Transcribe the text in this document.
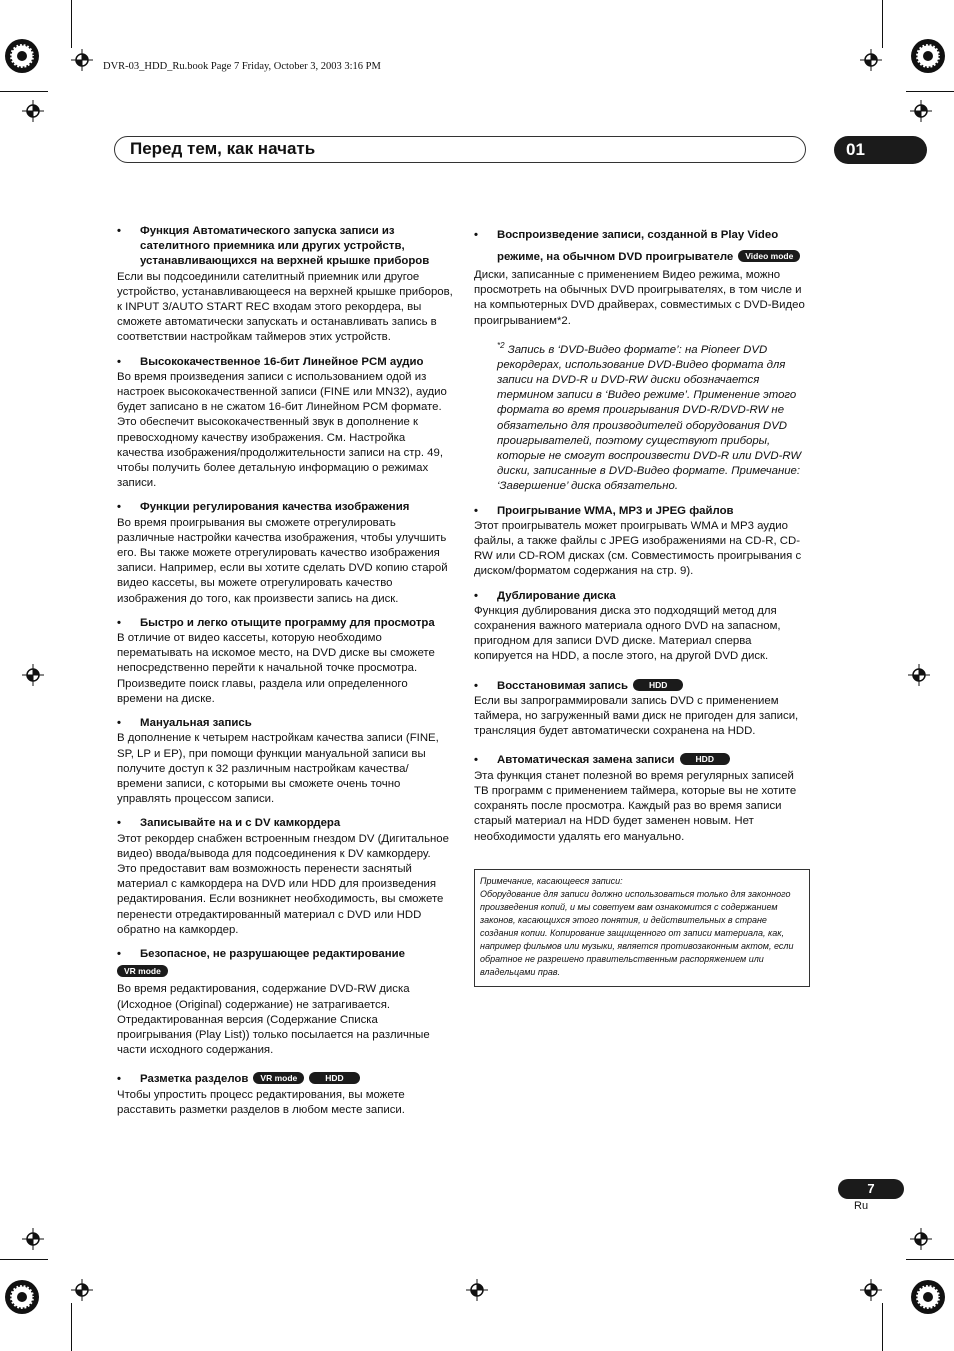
DVR-03_HDD_Ru.book Page 7 Friday, October 3, 2003 3:16 PM
Перед тем, как начать	01
• Функция Автоматического запуска записи из сателитного приемника или других устройств, устанавливающихся на верхней крышке приборов

Если вы подсоединили сателитный приемник или другое устройство, устанавливающееся на верхней крышке приборов, к INPUT 3/AUTO START REC входам этого рекордера, вы сможете автоматически запускать и останавливать запись в соответствии настройкам таймеров этих устройств.

• Высококачественное 16-бит Линейное PCM аудио

Во время произведения записи с использованием одой из настроек высококачественной записи (FINE или MN32), аудио будет записано в не сжатом 16-бит Линейном PCM формате. Это обеспечит высококачественный звук в дополнение к превосходному качеству изображения. См. Настройка качества изображения/продолжительности записи на стр. 49, чтобы получить более детальную информацию о режимах записи.

• Функции регулирования качества изображения

Во время проигрывания вы сможете отрегулировать различные настройки качества изображения, чтобы улучшить его. Вы также можете отрегулировать качество изображения записи. Например, если вы хотите сделать DVD копию старой видео кассеты, вы можете отрегулировать качество изображения до того, как произвести запись на диск.

• Быстро и легко отыщите программу для просмотра

В отличие от видео кассеты, которую необходимо перематывать на искомое место, на DVD диске вы сможете непосредственно перейти к начальной точке просмотра. Произведите поиск главы, раздела или определенного времени на диске.

• Мануальная запись

В дополнение к четырем настройкам качества записи (FINE, SP, LP и EP), при помощи функции мануальной записи вы получите доступ к 32 различным настройкам качества/времени записи, с которыми вы сможете очень точно управлять процессом записи.

• Записывайте на и с DV камкордера

Этот рекордер снабжен встроенным гнездом DV (Дигитальное видео) ввода/вывода для подсоединения к DV камкордеру. Это предоставит вам возможность перенести заснятый материал с камкордера на DVD или HDD для произведения редактирования. Если возникнет необходимость, вы сможете перенести отредактированный материал с DVD или HDD обратно на камкордер.

• Безопасное, не разрушающее редактирование
VR mode

Во время редактирования, содержание DVD-RW диска (Исходное (Original) содержание) не затрагивается. Отредактированная версия (Содержание Списка проигрывания (Play List)) только посылается на различные части исходного содержания.

• Разметка разделов VR mode	HDD

Чтобы упростить процесс редактирования, вы можете расставить разметки разделов в любом месте записи.

• Воспроизведение записи, созданной в Play Video режиме, на обычном DVD проигрывателе Video mode

Диски, записанные с применением Видео режима, можно просмотреть на обычных DVD проигрывателях, в том числе и на компьютерных DVD драйверах, совместимых с DVD-Видео проигрыванием*2.

$^{*2}$ Запись в ‘DVD-Видео формате’: на Pioneer DVD рекордерах, использование DVD-Видео формата для записи на DVD-R и DVD-RW диски обозначается термином записи в ‘Видео режиме’. Применение этого формата во время проигрывания DVD-R/DVD-RW не обязательно для производителей оборудования DVD проигрывателей, поэтому существуют приборы, которые не смогут воспроизвести DVD-R или DVD-RW диски, записанные в DVD-Видео формате. Примечание: ‘Завершение’ диска обязательно.
• Проигрывание WMA, MP3 и JPEG файлов

Этот проигрыватель может проигрывать WMA и MP3 аудио файлы, а также файлы с JPEG изображениями на CD-R, CD-RW или CD-ROM дисках (см. Совместимость проигрывания с диском/форматом содержания на стр. 9).

• Дублирование диска

Функция дублирования диска это подходящий метод для сохранения важного материала одного DVD на запасном, пригодном для записи DVD диске. Материал сперва копируется на HDD, а после этого, на другой DVD диск.

• Восстановимая запись HDD

Если вы запрограммировали запись DVD с применением таймера, но загруженный вами диск не пригоден для записи, трансляция будет автоматически сохранена на HDD.

• Автоматическая замена записи HDD

Эта функция станет полезной во время регулярных записей ТВ программ с применением таймера, которые вы не хотите сохранять после просмотра. Каждый раз во время записи старый материал на HDD будет заменен новым. Нет необходимости удалять его мануально.

Примечание, касающееся записи:
Оборудование для записи должно использоваться только для законного произведения копий, и мы советуем вам ознакомится с содержанием законов, касающихся этого понятия, и действительных в стране создания копии. Копирование защищенного от записи материала, как, например фильмов или музыки, является противозаконным актом, если обратное не разрешено правительственным распоряжением или владельцами прав.
7
Ru
